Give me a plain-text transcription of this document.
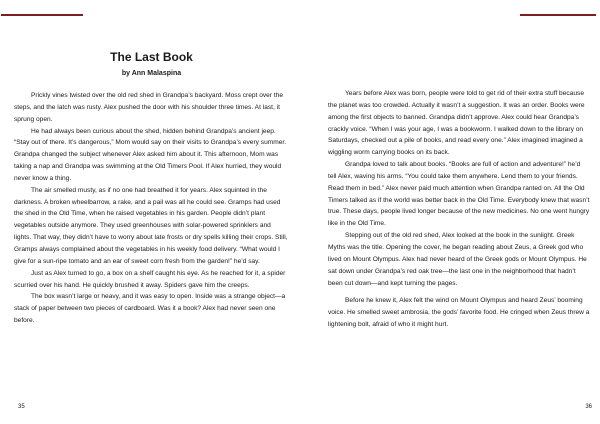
The Last Book

by Ann Malaspina

Prickly vines twisted over the old red shed in Grandpa’s backyard. Moss crept over the steps, and the latch was rusty. Alex pushed the door with his shoulder three times. At last, it sprung open.

He had always been curious about the shed, hidden behind Grandpa’s ancient jeep. “Stay out of there. It’s dangerous,” Mom would say on their visits to Grandpa’s every summer. Grandpa changed the subject whenever Alex asked him about it. This afternoon, Mom was taking a nap and Grandpa was swimming at the Old Timers Pool. If Alex hurried, they would never know a thing.

The air smelled musty, as if no one had breathed it for years. Alex squinted in the darkness. A broken wheelbarrow, a rake, and a pail was all he could see. Gramps had used the shed in the Old Time, when he raised vegetables in his garden. People didn’t plant vegetables outside anymore. They used greenhouses with solar-powered sprinklers and lights. That way, they didn’t have to worry about late frosts or dry spells killing their crops. Still, Gramps always complained about the vegetables in his weekly food delivery. “What would I give for a sun-ripe tomato and an ear of sweet corn fresh from the garden!” he’d say.

Just as Alex turned to go, a box on a shelf caught his eye. As he reached for it, a spider scurried over his hand. He quickly brushed it away. Spiders gave him the creeps.

The box wasn’t large or heavy, and it was easy to open. Inside was a strange object—a stack of paper between two pieces of cardboard. Was it a book? Alex had never seen one before.

35

Years before Alex was born, people were told to get rid of their extra stuff because the planet was too crowded. Actually it wasn’t a suggestion. It was an order. Books were among the first objects to banned. Grandpa didn’t approve. Alex could hear Grandpa’s crackly voice. “When I was your age, I was a bookworm. I walked down to the library on Saturdays, checked out a pile of books, and read every one.” Alex imagined imagined a wiggling worm carrying books on its back.

Grandpa loved to talk about books. “Books are full of action and adventure!” he’d tell Alex, waving his arms. “You could take them anywhere. Lend them to your friends. Read them in bed.” Alex never paid much attention when Grandpa ranted on. All the Old Timers talked as if the world was better back in the Old Time. Everybody knew that wasn’t true. These days, people lived longer because of the new medicines. No one went hungry like in the Old Time.

Stepping out of the old red shed, Alex looked at the book in the sunlight. Greek Myths was the title. Opening the cover, he began reading about Zeus, a Greek god who lived on Mount Olympus. Alex had never heard of the Greek gods or Mount Olympus. He sat down under Grandpa’s red oak tree—the last one in the neighborhood that hadn’t been cut down—and kept turning the pages.

Before he knew it, Alex felt the wind on Mount Olympus and heard Zeus’ booming voice. He smelled sweet ambrosia, the gods’ favorite food. He cringed when Zeus threw a lightening bolt, afraid of who it might hurt.

36
